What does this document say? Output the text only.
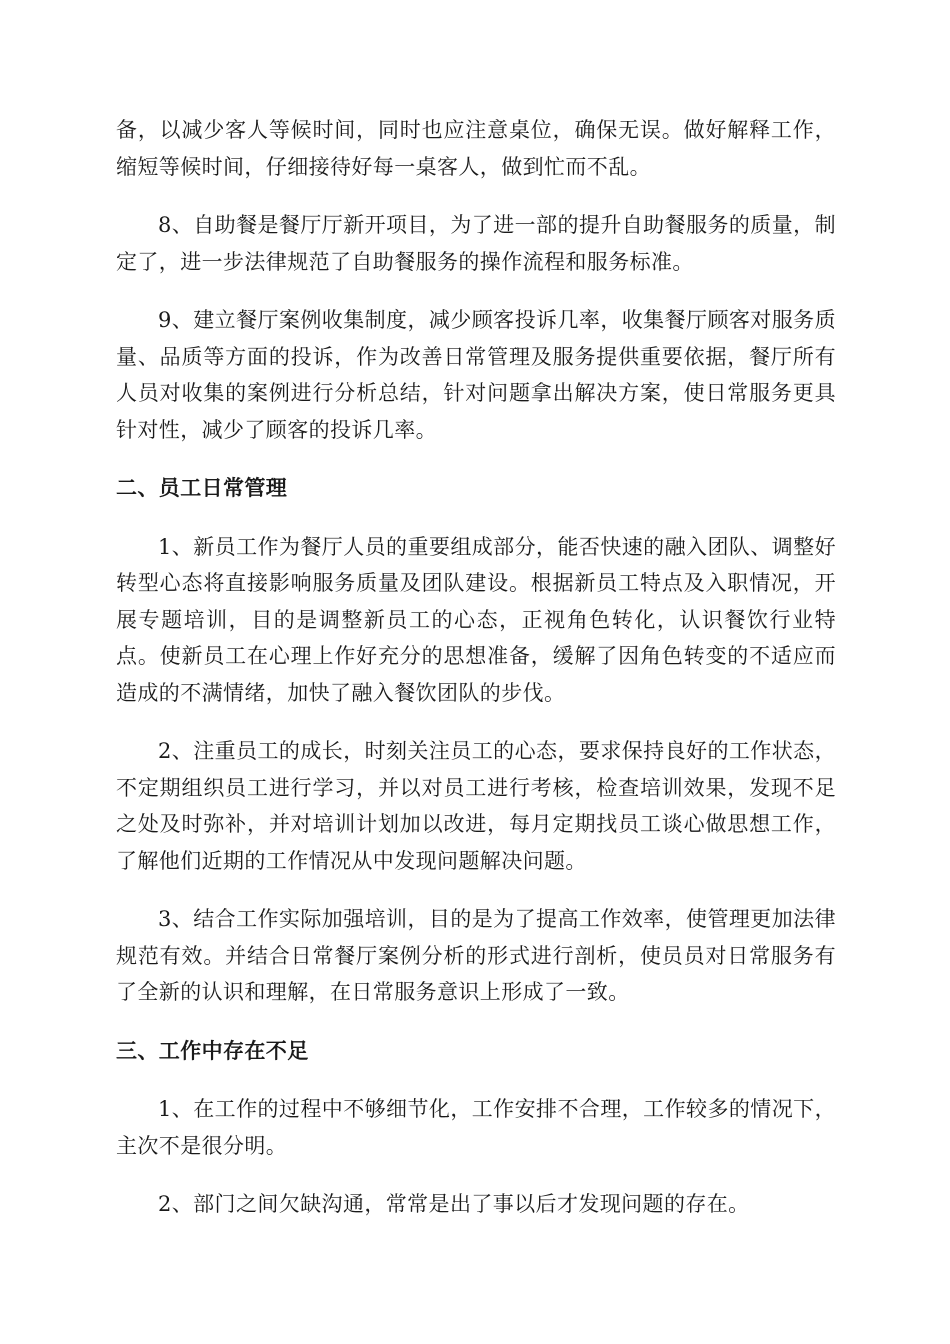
备，以减少客人等候时间，同时也应注意桌位，确保无误。做好解释工作，缩短等候时间，仔细接待好每一桌客人，做到忙而不乱。

8、自助餐是餐厅厅新开项目，为了进一部的提升自助餐服务的质量，制定了，进一步法律规范了自助餐服务的操作流程和服务标准。

9、建立餐厅案例收集制度，减少顾客投诉几率，收集餐厅顾客对服务质量、品质等方面的投诉，作为改善日常管理及服务提供重要依据，餐厅所有人员对收集的案例进行分析总结，针对问题拿出解决方案，使日常服务更具针对性，减少了顾客的投诉几率。

二、员工日常管理

1、新员工作为餐厅人员的重要组成部分，能否快速的融入团队、调整好转型心态将直接影响服务质量及团队建设。根据新员工特点及入职情况，开展专题培训，目的是调整新员工的心态，正视角色转化，认识餐饮行业特点。使新员工在心理上作好充分的思想准备，缓解了因角色转变的不适应而造成的不满情绪，加快了融入餐饮团队的步伐。

2、注重员工的成长，时刻关注员工的心态，要求保持良好的工作状态，不定期组织员工进行学习，并以对员工进行考核，检查培训效果，发现不足之处及时弥补，并对培训计划加以改进，每月定期找员工谈心做思想工作，了解他们近期的工作情况从中发现问题解决问题。

3、结合工作实际加强培训，目的是为了提高工作效率，使管理更加法律规范有效。并结合日常餐厅案例分析的形式进行剖析，使员员对日常服务有了全新的认识和理解，在日常服务意识上形成了一致。

三、工作中存在不足

1、在工作的过程中不够细节化，工作安排不合理，工作较多的情况下，主次不是很分明。

2、部门之间欠缺沟通，常常是出了事以后才发现问题的存在。
